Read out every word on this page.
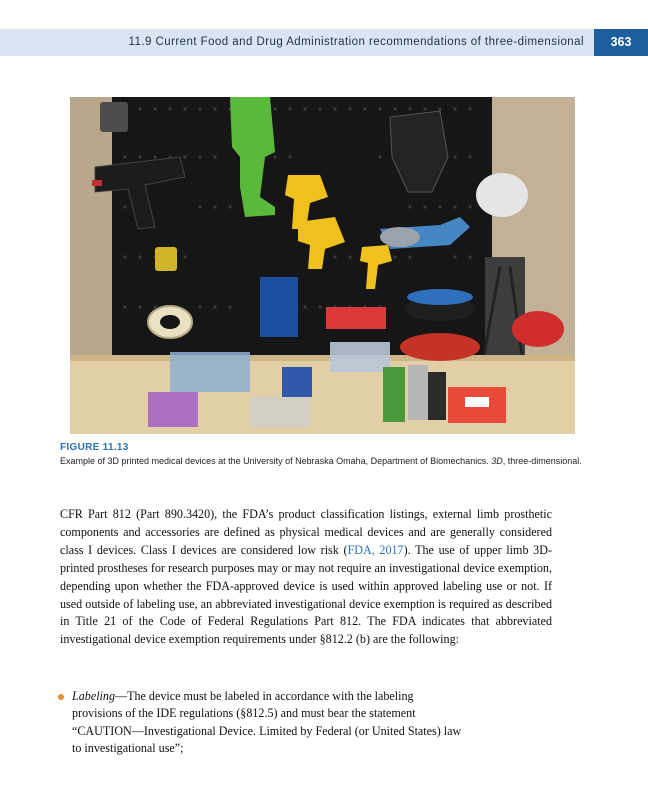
11.9 Current Food and Drug Administration recommendations of three-dimensional	363
FIGURE 11.13
Example of 3D printed medical devices at the University of Nebraska Omaha, Department of Biomechanics. 3D, three-dimensional.
CFR Part 812 (Part 890.3420), the FDA’s product classification listings, external limb prosthetic components and accessories are defined as physical medical devices and are generally considered class I devices. Class I devices are considered low risk (FDA, 2017). The use of upper limb 3D-printed prostheses for research purposes may or may not require an investigational device exemption, depending upon whether the FDA-approved device is used within approved labeling use or not. If used outside of labeling use, an abbreviated investigational device exemption is required as described in Title 21 of the Code of Federal Regulations Part 812. The FDA indicates that abbreviated investigational device exemption requirements under §812.2 (b) are the following:
Labeling—The device must be labeled in accordance with the labeling provisions of the IDE regulations (§812.5) and must bear the statement “CAUTION—Investigational Device. Limited by Federal (or United States) law to investigational use”;
